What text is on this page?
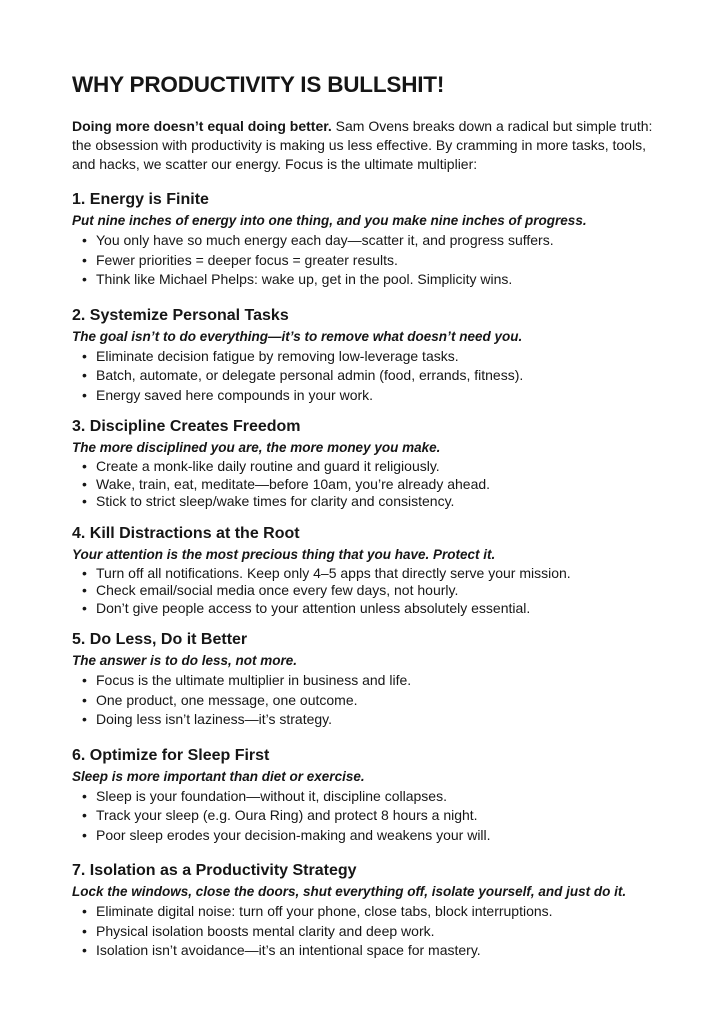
WHY PRODUCTIVITY IS BULLSHIT!

Doing more doesn’t equal doing better. Sam Ovens breaks down a radical but simple truth: the obsession with productivity is making us less effective. By cramming in more tasks, tools, and hacks, we scatter our energy. Focus is the ultimate multiplier:

1. Energy is Finite

Put nine inches of energy into one thing, and you make nine inches of progress.

• You only have so much energy each day—scatter it, and progress suffers.
• Fewer priorities = deeper focus = greater results.
• Think like Michael Phelps: wake up, get in the pool. Simplicity wins.
2. Systemize Personal Tasks

The goal isn’t to do everything—it’s to remove what doesn’t need you.

• Eliminate decision fatigue by removing low-leverage tasks.
• Batch, automate, or delegate personal admin (food, errands, fitness).
• Energy saved here compounds in your work.
3. Discipline Creates Freedom

The more disciplined you are, the more money you make.

• Create a monk-like daily routine and guard it religiously.
• Wake, train, eat, meditate—before 10am, you’re already ahead.
• Stick to strict sleep/wake times for clarity and consistency.
4. Kill Distractions at the Root

Your attention is the most precious thing that you have. Protect it.

• Turn off all notifications. Keep only 4–5 apps that directly serve your mission.
• Check email/social media once every few days, not hourly.
• Don’t give people access to your attention unless absolutely essential.
5. Do Less, Do it Better

The answer is to do less, not more.

• Focus is the ultimate multiplier in business and life.
• One product, one message, one outcome.
• Doing less isn’t laziness—it’s strategy.
6. Optimize for Sleep First

Sleep is more important than diet or exercise.

• Sleep is your foundation—without it, discipline collapses.
• Track your sleep (e.g. Oura Ring) and protect 8 hours a night.
• Poor sleep erodes your decision-making and weakens your will.
7. Isolation as a Productivity Strategy

Lock the windows, close the doors, shut everything off, isolate yourself, and just do it.

• Eliminate digital noise: turn off your phone, close tabs, block interruptions.
• Physical isolation boosts mental clarity and deep work.
• Isolation isn’t avoidance—it’s an intentional space for mastery.
